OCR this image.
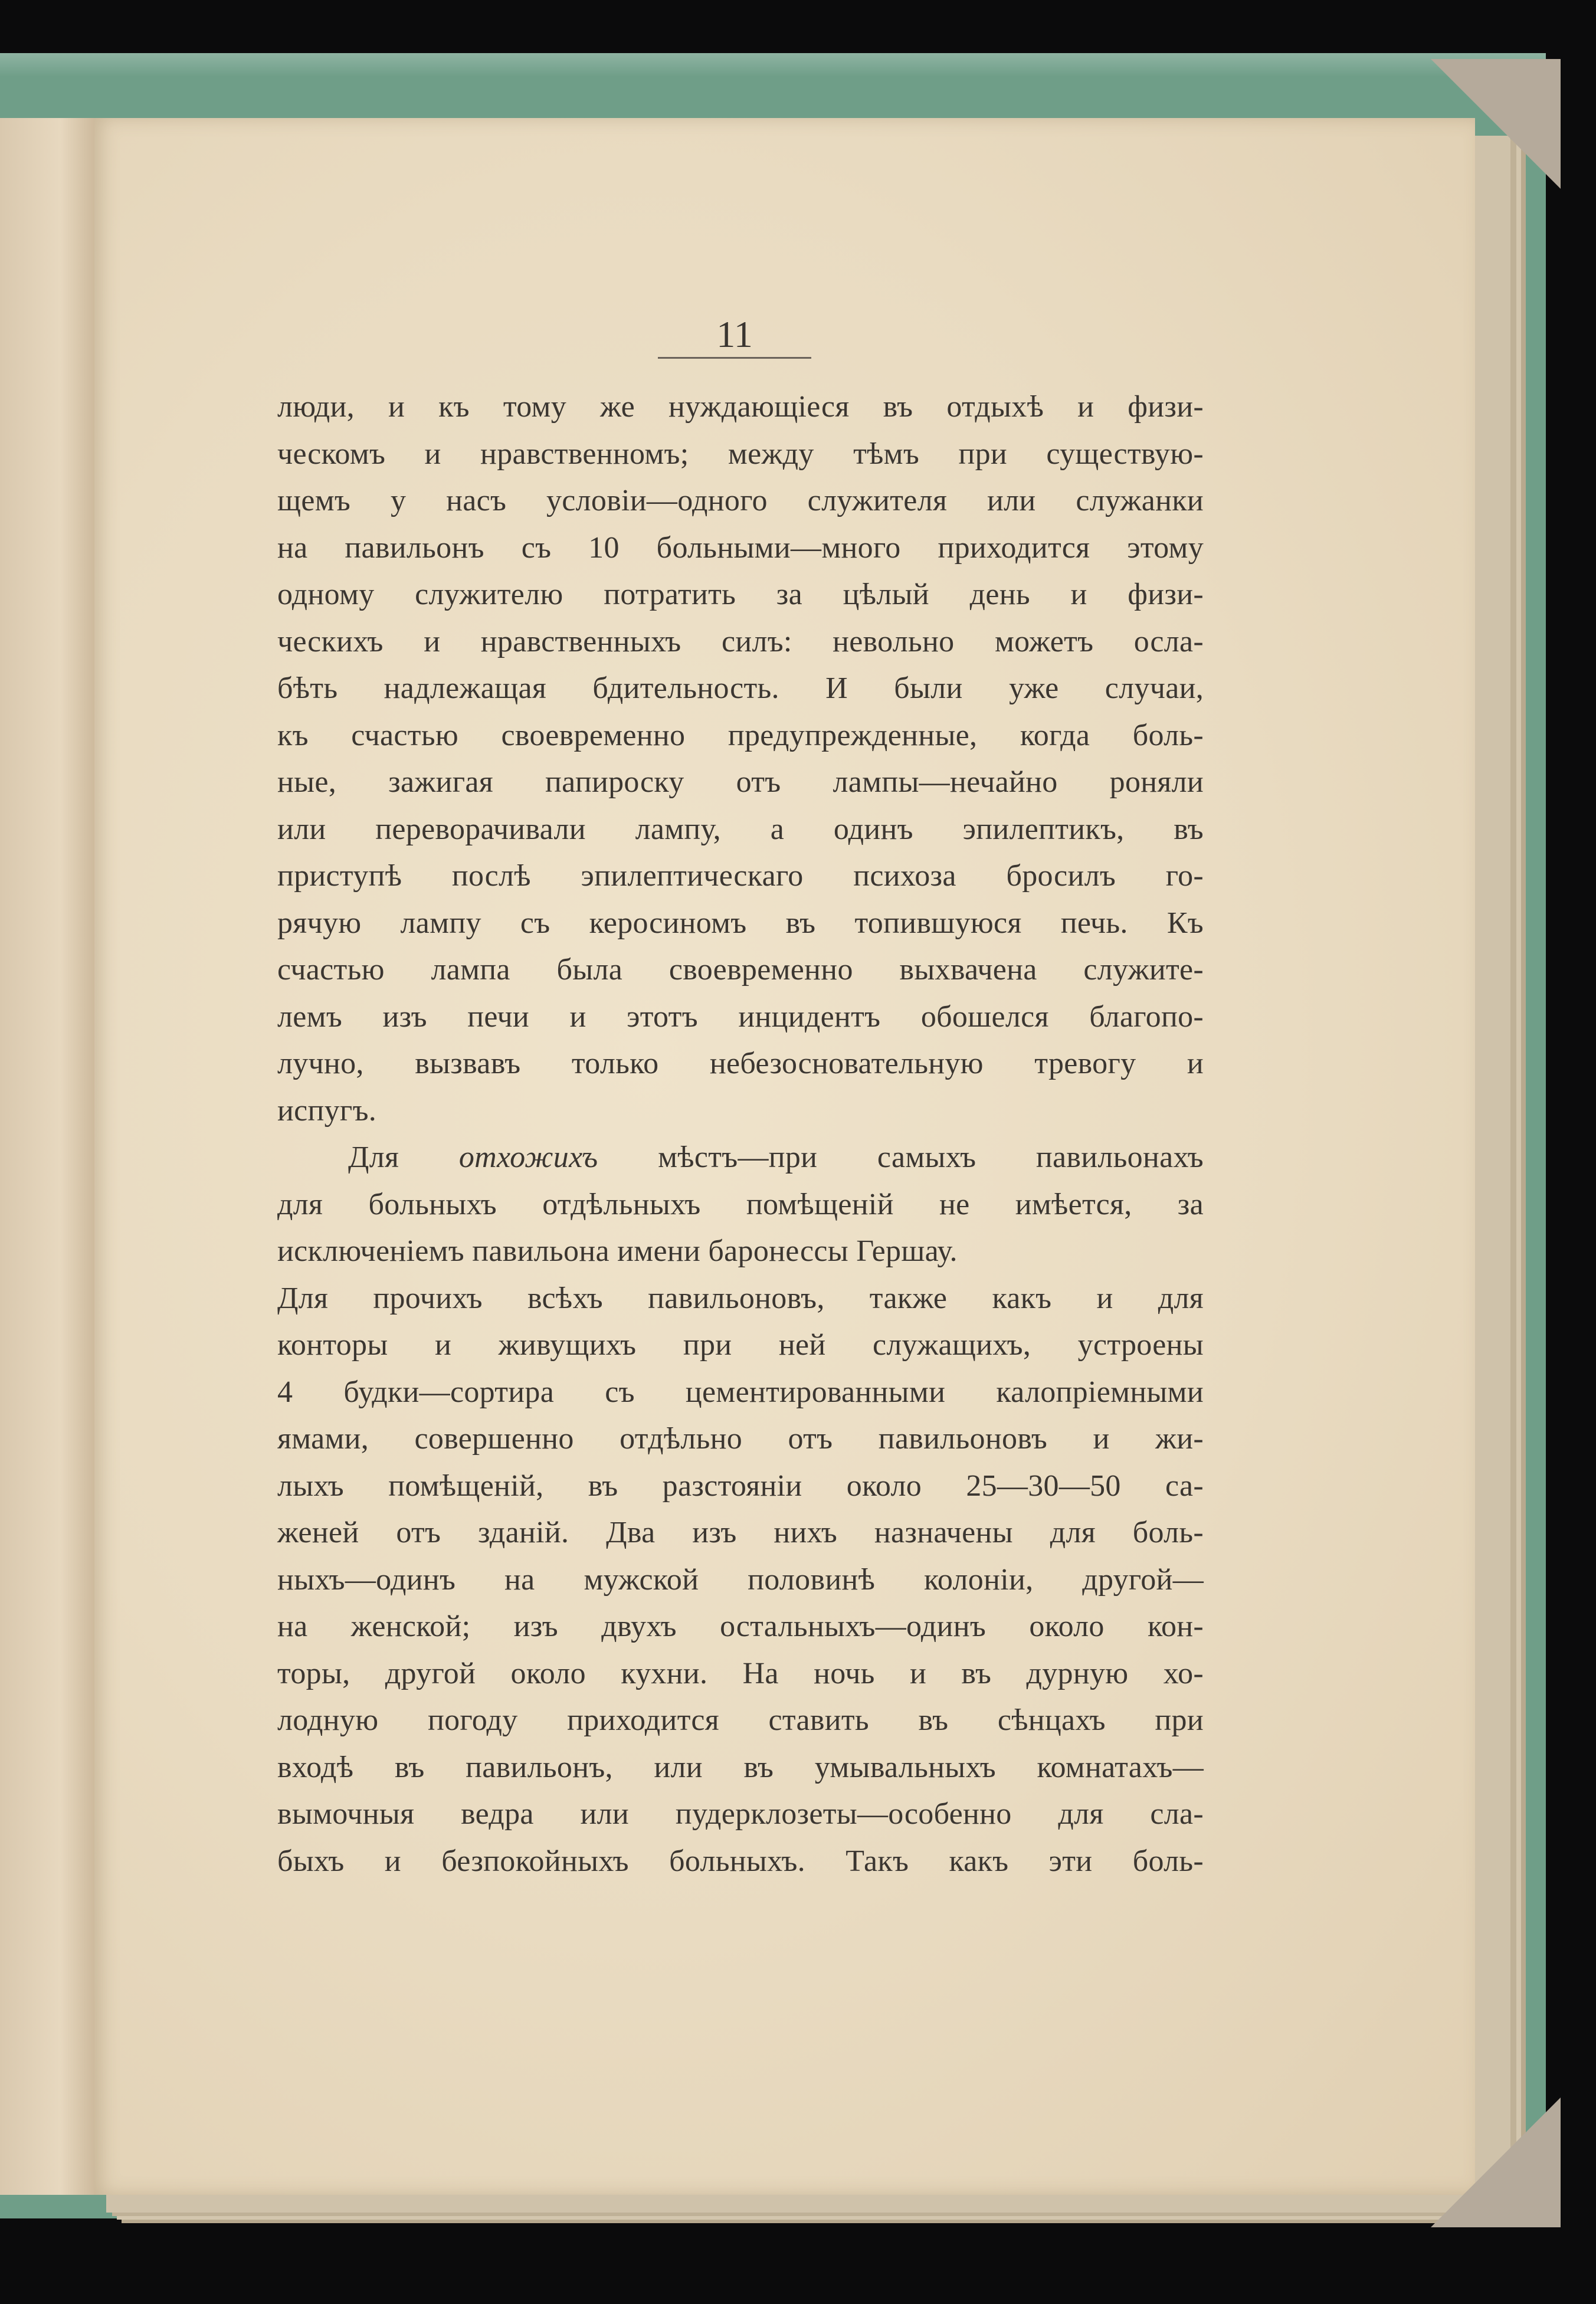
11
люди, и къ тому же нуждающіеся въ отдыхѣ и физи-
ческомъ и нравственномъ; между тѣмъ при существую-
щемъ у насъ условіи—одного служителя или служанки
на павильонъ съ 10 больными—много приходится этому
одному служителю потратить за цѣлый день и физи-
ческихъ и нравственныхъ силъ: невольно можетъ осла-
бѣть надлежащая бдительность. И были уже случаи,
къ счастью своевременно предупрежденные, когда боль-
ные, зажигая папироску отъ лампы—нечайно роняли
или переворачивали лампу, а одинъ эпилептикъ, въ
приступѣ послѣ эпилептическаго психоза бросилъ го-
рячую лампу съ керосиномъ въ топившуюся печь. Къ
счастью лампа была своевременно выхвачена служите-
лемъ изъ печи и этотъ инцидентъ обошелся благопо-
лучно, вызвавъ только небезосновательную тревогу и
испугъ.
Для отхожихъ мѣстъ—при самыхъ павильонахъ
для больныхъ отдѣльныхъ помѣщеній не имѣется, за
исключеніемъ павильона имени баронессы Гершау.
Для прочихъ всѣхъ павильоновъ, также какъ и для
конторы и живущихъ при ней служащихъ, устроены
4 будки—сортира съ цементированными калопріемными
ямами, совершенно отдѣльно отъ павильоновъ и жи-
лыхъ помѣщеній, въ разстояніи около 25—30—50 са-
женей отъ зданій. Два изъ нихъ назначены для боль-
ныхъ—одинъ на мужской половинѣ колоніи, другой—
на женской; изъ двухъ остальныхъ—одинъ около кон-
торы, другой около кухни. На ночь и въ дурную хо-
лодную погоду приходится ставить въ сѣнцахъ при
входѣ въ павильонъ, или въ умывальныхъ комнатахъ—
вымочныя ведра или пудерклозеты—особенно для сла-
быхъ и безпокойныхъ больныхъ. Такъ какъ эти боль-
